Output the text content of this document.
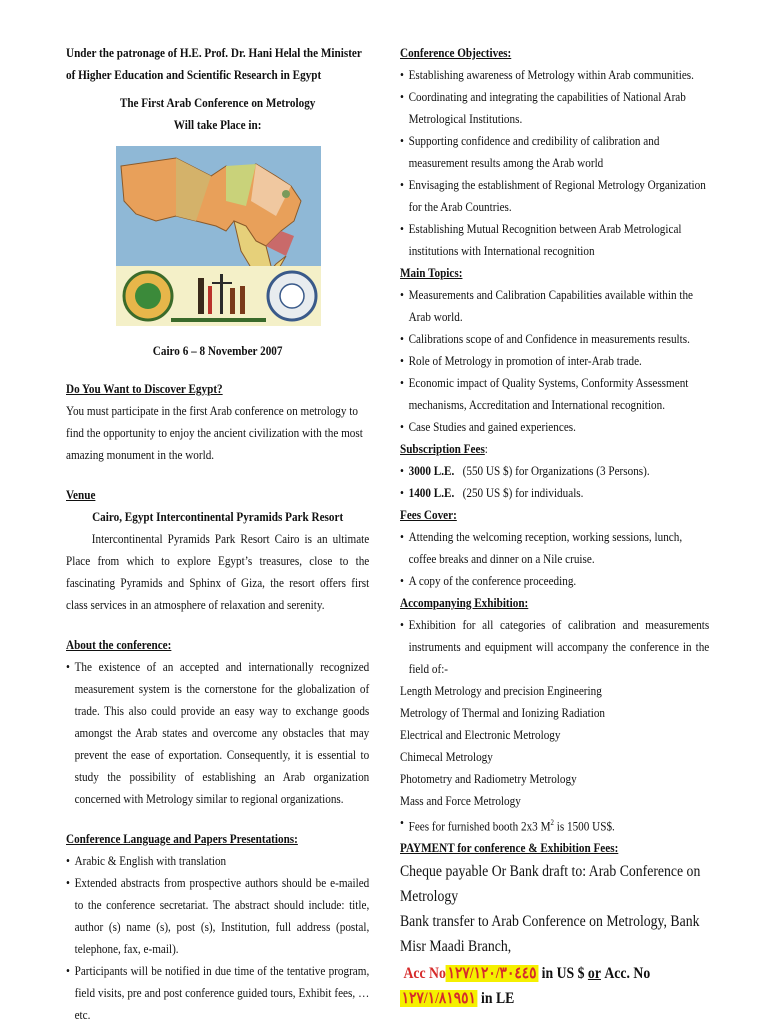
Under the patronage of H.E. Prof. Dr. Hani Helal the Minister of Higher Education and Scientific Research in Egypt

The First Arab Conference on Metrology

Will take Place in:

Cairo 6 – 8 November 2007

Do You Want to Discover Egypt?

You must participate in the first Arab conference on metrology to find the opportunity to enjoy the ancient civilization with the most amazing monument in the world.

Venue

Cairo, Egypt Intercontinental Pyramids Park Resort

Intercontinental Pyramids Park Resort Cairo is an ultimate Place from which to explore Egypt’s treasures, close to the fascinating Pyramids and Sphinx of Giza, the resort offers first class services in an atmosphere of relaxation and serenity.

About the conference:

• The existence of an accepted and internationally recognized measurement system is the cornerstone for the globalization of trade. This also could provide an easy way to exchange goods amongst the Arab states and overcome any obstacles that may prevent the ease of exportation. Consequently, it is essential to study the possibility of establishing an Arab organization concerned with Metrology similar to regional organizations.

Conference Language and Papers Presentations:

• Arabic & English with translation

• Extended abstracts from prospective authors should be e-mailed to the conference secretariat. The abstract should include: title, author (s) name (s), post (s), Institution, full address (postal, telephone, fax, e-mail).

• Participants will be notified in due time of the tentative program, field visits, pre and post conference guided tours, Exhibit fees, … etc.

Conference Objectives:

• Establishing awareness of Metrology within Arab communities.

• Coordinating and integrating the capabilities of National Arab Metrological Institutions.

• Supporting confidence and credibility of calibration and measurement results among the Arab world

• Envisaging the establishment of Regional Metrology Organization for the Arab Countries.

• Establishing Mutual Recognition between Arab Metrological institutions with International recognition

Main Topics:

• Measurements and Calibration Capabilities available within the Arab world.

• Calibrations scope of and Confidence in measurements results.

• Role of Metrology in promotion of inter-Arab trade.

• Economic impact of Quality Systems, Conformity Assessment mechanisms, Accreditation and International recognition.

• Case Studies and gained experiences.

Subscription Fees:

• 3000 L.E. (550 US $) for Organizations (3 Persons).

• 1400 L.E. (250 US $) for individuals.

Fees Cover:

• Attending the welcoming reception, working sessions, lunch, coffee breaks and dinner on a Nile cruise.

• A copy of the conference proceeding.

Accompanying Exhibition:

• Exhibition for all categories of calibration and measurements instruments and equipment will accompany the conference in the field of:-

Length Metrology and precision Engineering

Metrology of Thermal and Ionizing Radiation

Electrical and Electronic Metrology

Chimecal Metrology

Photometry and Radiometry Metrology

Mass and Force Metrology

• Fees for furnished booth 2x3 $M^2$ is 1500 US$.

PAYMENT for conference & Exhibition Fees:

Cheque payable Or Bank draft to: Arab Conference on Metrology

Bank transfer to Arab Conference on Metrology, Bank Misr Maadi Branch,

Acc No ١٢٧/١٢٠/٣٠٤٤٥ in US $ or Acc. No ١٢٧/١/٨١٩٥١ in LE
